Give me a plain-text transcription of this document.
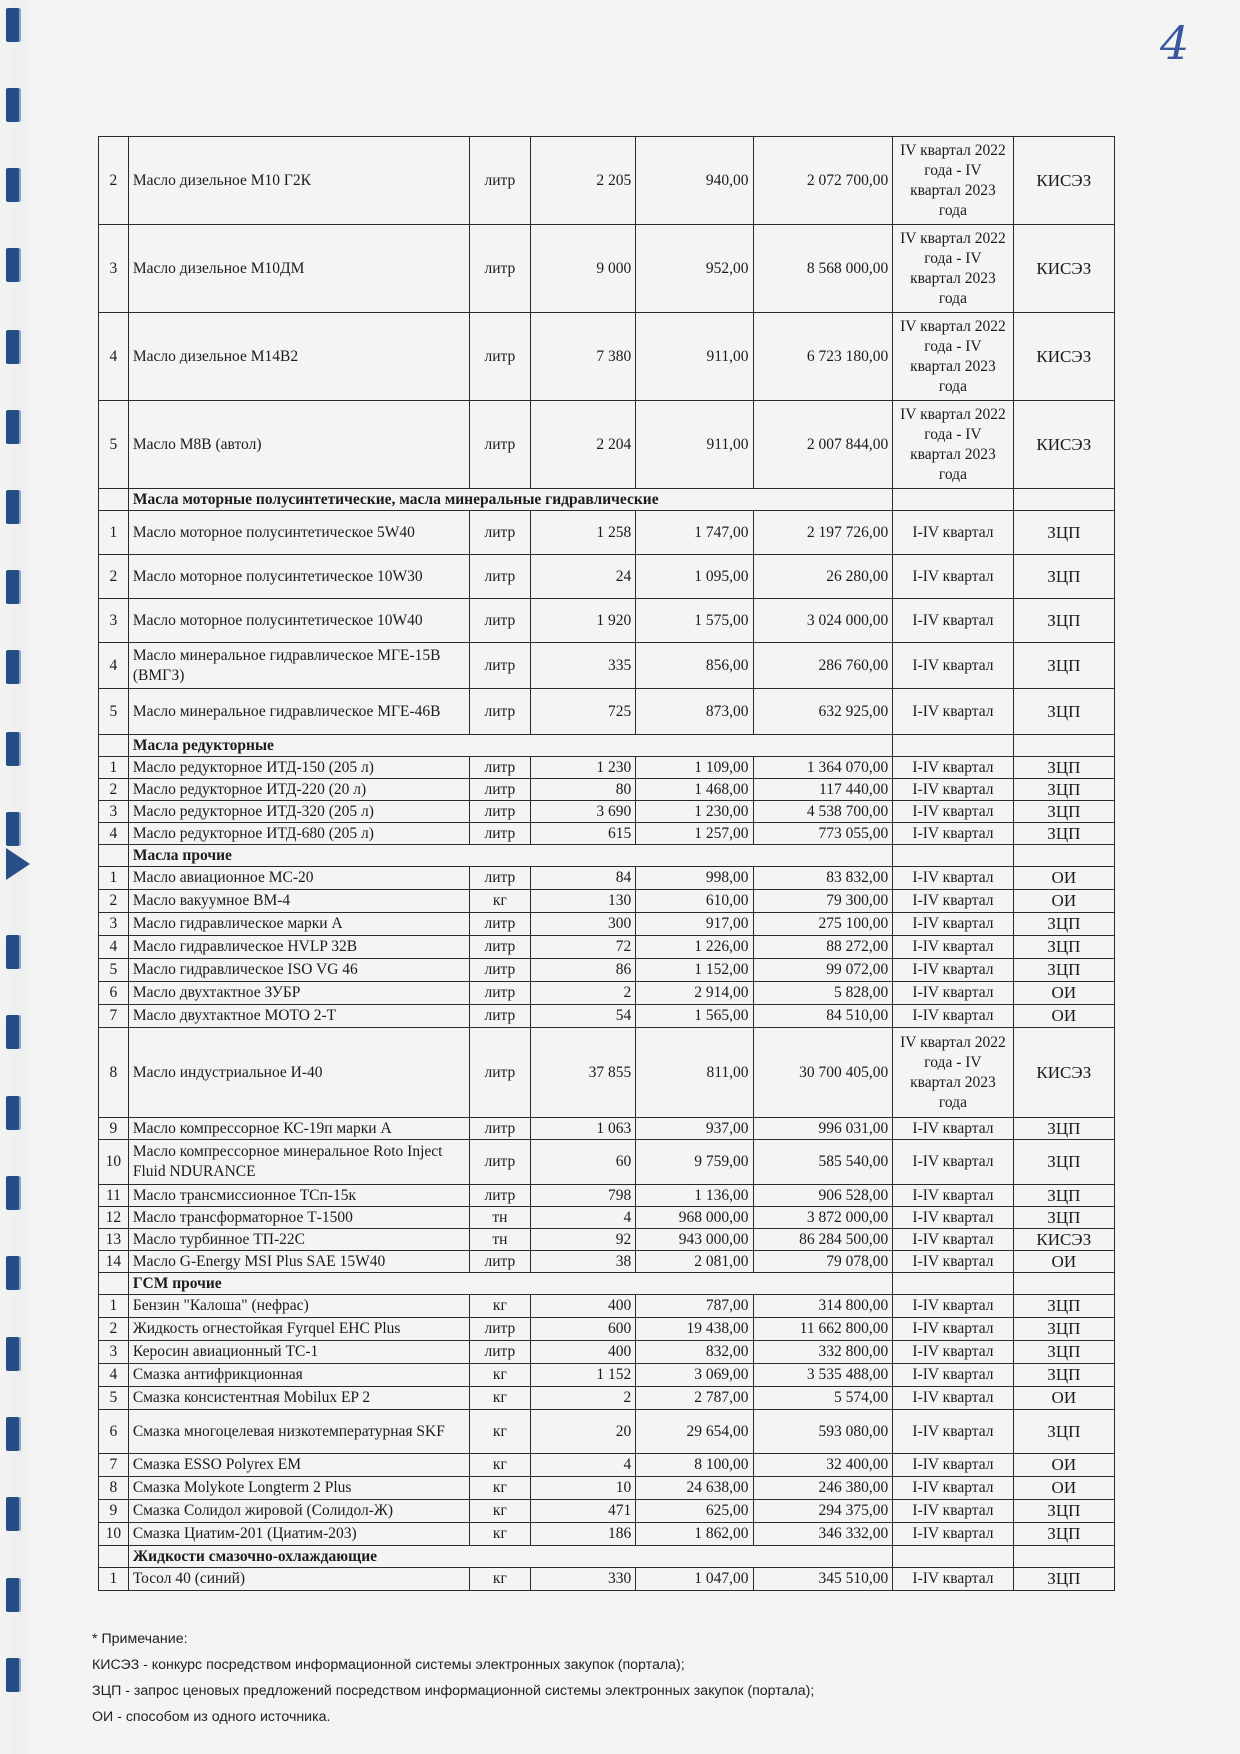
4
2	Масло дизельное М10 Г2К	литр	2 205	940,00	2 072 700,00	IV квартал 2022 года - IV квартал 2023 года	КИСЭЗ
3	Масло дизельное М10ДМ	литр	9 000	952,00	8 568 000,00	IV квартал 2022 года - IV квартал 2023 года	КИСЭЗ
4	Масло дизельное М14В2	литр	7 380	911,00	6 723 180,00	IV квартал 2022 года - IV квартал 2023 года	КИСЭЗ
5	Масло М8В (автол)	литр	2 204	911,00	2 007 844,00	IV квартал 2022 года - IV квартал 2023 года	КИСЭЗ
	Масла моторные полусинтетические, масла минеральные гидравлические						
1	Масло моторное полусинтетическое 5W40	литр	1 258	1 747,00	2 197 726,00	I-IV квартал	ЗЦП
2	Масло моторное полусинтетическое 10W30	литр	24	1 095,00	26 280,00	I-IV квартал	ЗЦП
3	Масло моторное полусинтетическое 10W40	литр	1 920	1 575,00	3 024 000,00	I-IV квартал	ЗЦП
4	Масло минеральное гидравлическое МГЕ-15В (ВМГЗ)	литр	335	856,00	286 760,00	I-IV квартал	ЗЦП
5	Масло минеральное гидравлическое МГЕ-46В	литр	725	873,00	632 925,00	I-IV квартал	ЗЦП
	Масла редукторные						
1	Масло редукторное ИТД-150 (205 л)	литр	1 230	1 109,00	1 364 070,00	I-IV квартал	ЗЦП
2	Масло редукторное ИТД-220 (20 л)	литр	80	1 468,00	117 440,00	I-IV квартал	ЗЦП
3	Масло редукторное ИТД-320 (205 л)	литр	3 690	1 230,00	4 538 700,00	I-IV квартал	ЗЦП
4	Масло редукторное ИТД-680 (205 л)	литр	615	1 257,00	773 055,00	I-IV квартал	ЗЦП
	Масла прочие						
1	Масло авиационное МС-20	литр	84	998,00	83 832,00	I-IV квартал	ОИ
2	Масло вакуумное ВМ-4	кг	130	610,00	79 300,00	I-IV квартал	ОИ
3	Масло гидравлическое марки А	литр	300	917,00	275 100,00	I-IV квартал	ЗЦП
4	Масло гидравлическое HVLP 32B	литр	72	1 226,00	88 272,00	I-IV квартал	ЗЦП
5	Масло гидравлическое ISO VG 46	литр	86	1 152,00	99 072,00	I-IV квартал	ЗЦП
6	Масло двухтактное ЗУБР	литр	2	2 914,00	5 828,00	I-IV квартал	ОИ
7	Масло двухтактное МОТО 2-Т	литр	54	1 565,00	84 510,00	I-IV квартал	ОИ
8	Масло индустриальное И-40	литр	37 855	811,00	30 700 405,00	IV квартал 2022 года - IV квартал 2023 года	КИСЭЗ
9	Масло компрессорное КС-19п марки А	литр	1 063	937,00	996 031,00	I-IV квартал	ЗЦП
10	Масло компрессорное минеральное Roto Inject Fluid NDURANCE	литр	60	9 759,00	585 540,00	I-IV квартал	ЗЦП
11	Масло трансмиссионное ТСп-15к	литр	798	1 136,00	906 528,00	I-IV квартал	ЗЦП
12	Масло трансформаторное Т-1500	тн	4	968 000,00	3 872 000,00	I-IV квартал	ЗЦП
13	Масло турбинное ТП-22С	тн	92	943 000,00	86 284 500,00	I-IV квартал	КИСЭЗ
14	Масло G-Energy MSI Plus SAE 15W40	литр	38	2 081,00	79 078,00	I-IV квартал	ОИ
	ГСМ прочие						
1	Бензин "Калоша" (нефрас)	кг	400	787,00	314 800,00	I-IV квартал	ЗЦП
2	Жидкость огнестойкая Fyrquel EHC Plus	литр	600	19 438,00	11 662 800,00	I-IV квартал	ЗЦП
3	Керосин авиационный ТС-1	литр	400	832,00	332 800,00	I-IV квартал	ЗЦП
4	Смазка антифрикционная	кг	1 152	3 069,00	3 535 488,00	I-IV квартал	ЗЦП
5	Смазка консистентная Mobilux EP 2	кг	2	2 787,00	5 574,00	I-IV квартал	ОИ
6	Смазка многоцелевая низкотемпературная SKF	кг	20	29 654,00	593 080,00	I-IV квартал	ЗЦП
7	Смазка ESSO Polyrex EM	кг	4	8 100,00	32 400,00	I-IV квартал	ОИ
8	Смазка Molykote Longterm 2 Plus	кг	10	24 638,00	246 380,00	I-IV квартал	ОИ
9	Смазка Солидол жировой (Солидол-Ж)	кг	471	625,00	294 375,00	I-IV квартал	ЗЦП
10	Смазка Циатим-201 (Циатим-203)	кг	186	1 862,00	346 332,00	I-IV квартал	ЗЦП
	Жидкости смазочно-охлаждающие						
1	Тосол 40 (синий)	кг	330	1 047,00	345 510,00	I-IV квартал	ЗЦП
* Примечание:
КИСЭЗ - конкурс посредством информационной системы электронных закупок (портала);
ЗЦП - запрос ценовых предложений посредством информационной системы электронных закупок (портала);
ОИ - способом из одного источника.
